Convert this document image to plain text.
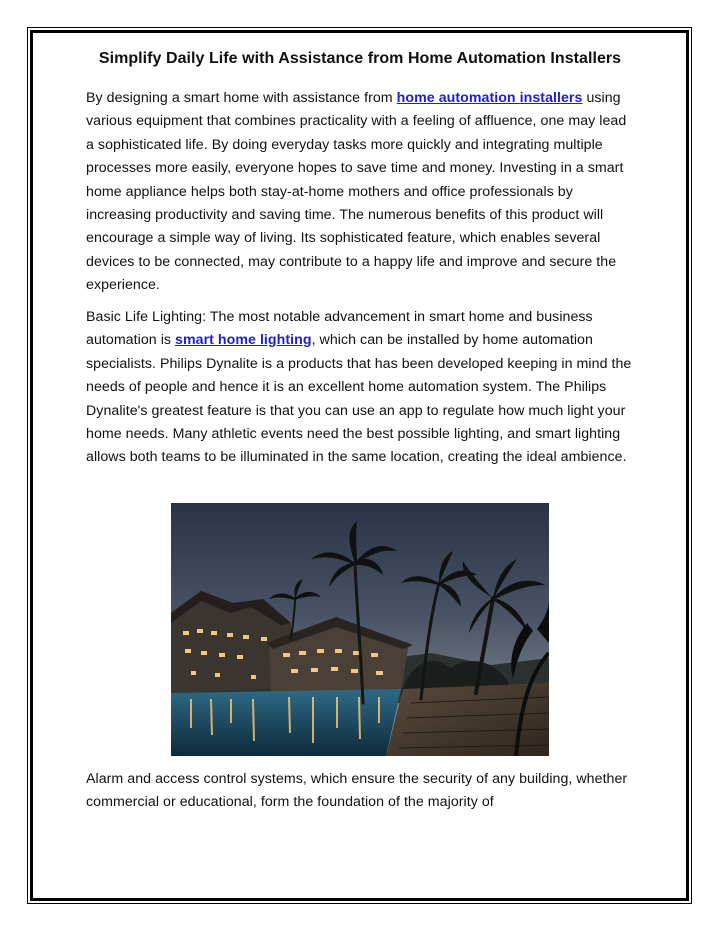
Simplify Daily Life with Assistance from Home Automation Installers

By designing a smart home with assistance from home automation installers using various equipment that combines practicality with a feeling of affluence, one may lead a sophisticated life. By doing everyday tasks more quickly and integrating multiple processes more easily, everyone hopes to save time and money. Investing in a smart home appliance helps both stay-at-home mothers and office professionals by increasing productivity and saving time. The numerous benefits of this product will encourage a simple way of living. Its sophisticated feature, which enables several devices to be connected, may contribute to a happy life and improve and secure the experience.

Basic Life Lighting: The most notable advancement in smart home and business automation is smart home lighting, which can be installed by home automation specialists. Philips Dynalite is a products that has been developed keeping in mind the needs of people and hence it is an excellent home automation system. The Philips Dynalite's greatest feature is that you can use an app to regulate how much light your home needs. Many athletic events need the best possible lighting, and smart lighting allows both teams to be illuminated in the same location, creating the ideal ambience.

Alarm and access control systems, which ensure the security of any building, whether commercial or educational, form the foundation of the majority of
